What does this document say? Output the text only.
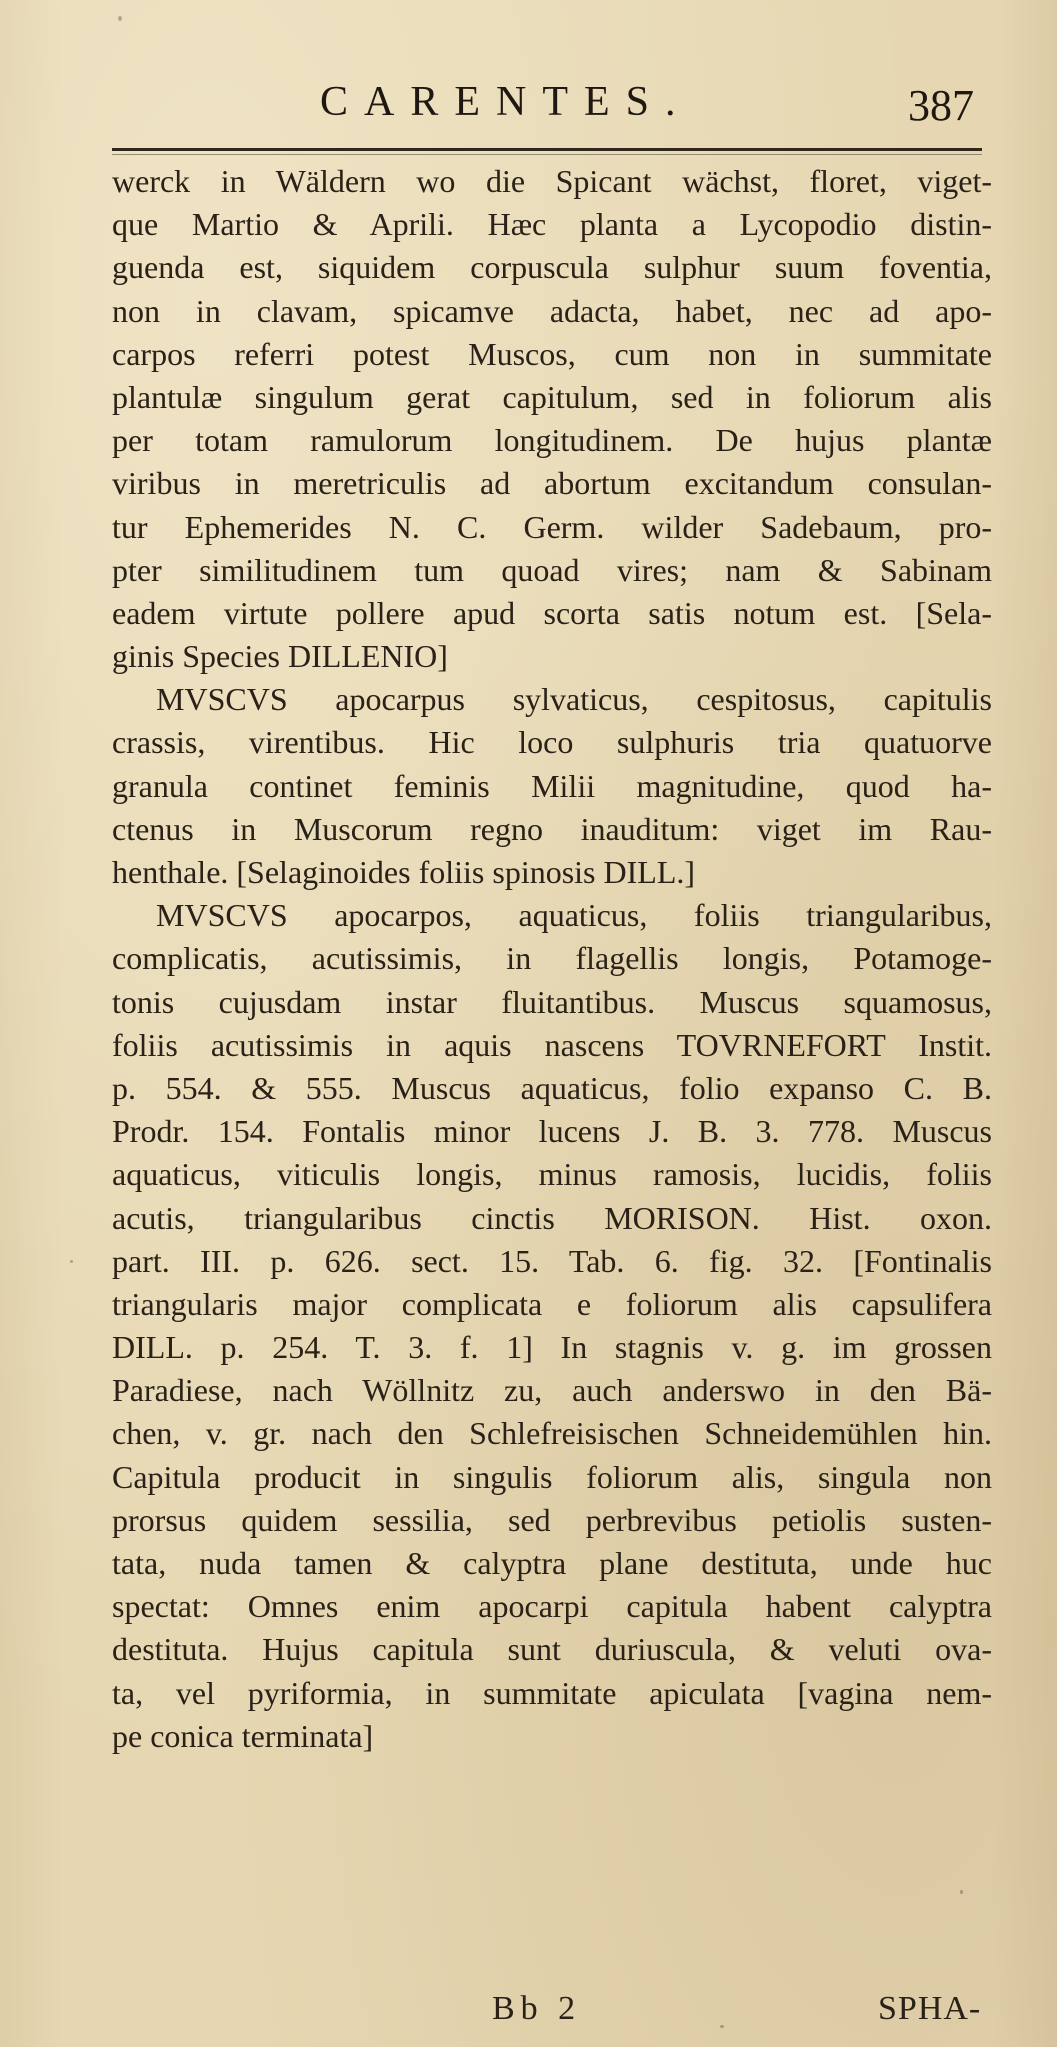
CARENTES.	387
werck in Wäldern wo die Spicant wächst, floret, viget-
que Martio & Aprili. Hæc planta a Lycopodio distin-
guenda est, siquidem corpuscula sulphur suum foventia,
non in clavam, spicamve adacta, habet, nec ad apo-
carpos referri potest Muscos, cum non in summitate
plantulæ singulum gerat capitulum, sed in foliorum alis
per totam ramulorum longitudinem. De hujus plantæ
viribus in meretriculis ad abortum excitandum consulan-
tur Ephemerides N. C. Germ. wilder Sadebaum, pro-
pter similitudinem tum quoad vires; nam & Sabinam
eadem virtute pollere apud scorta satis notum est. [Sela-
ginis Species DILLENIO]
MVSCVS apocarpus sylvaticus, cespitosus, capitulis
crassis, virentibus. Hic loco sulphuris tria quatuorve
granula continet feminis Milii magnitudine, quod ha-
ctenus in Muscorum regno inauditum: viget im Rau-
henthale. [Selaginoides foliis spinosis DILL.]
MVSCVS apocarpos, aquaticus, foliis triangularibus,
complicatis, acutissimis, in flagellis longis, Potamoge-
tonis cujusdam instar fluitantibus. Muscus squamosus,
foliis acutissimis in aquis nascens TOVRNEFORT Instit.
p. 554. & 555. Muscus aquaticus, folio expanso C. B.
Prodr. 154. Fontalis minor lucens J. B. 3. 778. Muscus
aquaticus, viticulis longis, minus ramosis, lucidis, foliis
acutis, triangularibus cinctis MORISON. Hist. oxon.
part. III. p. 626. sect. 15. Tab. 6. fig. 32. [Fontinalis
triangularis major complicata e foliorum alis capsulifera
DILL. p. 254. T. 3. f. 1] In stagnis v. g. im grossen
Paradiese, nach Wöllnitz zu, auch anderswo in den Bä-
chen, v. gr. nach den Schlefreisischen Schneidemühlen hin.
Capitula producit in singulis foliorum alis, singula non
prorsus quidem sessilia, sed perbrevibus petiolis susten-
tata, nuda tamen & calyptra plane destituta, unde huc
spectat: Omnes enim apocarpi capitula habent calyptra
destituta. Hujus capitula sunt duriuscula, & veluti ova-
ta, vel pyriformia, in summitate apiculata [vagina nem-
pe conica terminata]
Bb 2	SPHA-
